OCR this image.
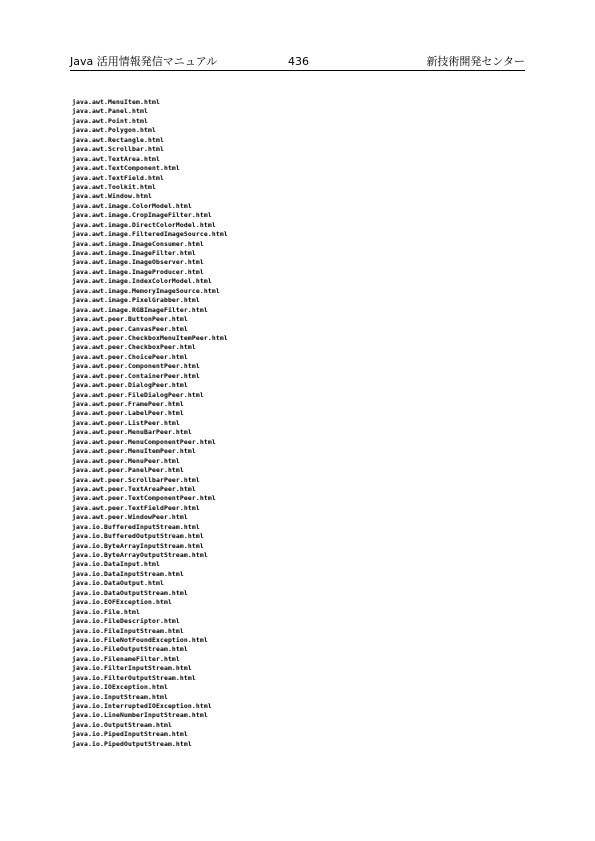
Java 活用情報発信マニュアル	436	新技術開発センター
java.awt.MenuItem.html
java.awt.Panel.html
java.awt.Point.html
java.awt.Polygon.html
java.awt.Rectangle.html
java.awt.Scrollbar.html
java.awt.TextArea.html
java.awt.TextComponent.html
java.awt.TextField.html
java.awt.Toolkit.html
java.awt.Window.html
java.awt.image.ColorModel.html
java.awt.image.CropImageFilter.html
java.awt.image.DirectColorModel.html
java.awt.image.FilteredImageSource.html
java.awt.image.ImageConsumer.html
java.awt.image.ImageFilter.html
java.awt.image.ImageObserver.html
java.awt.image.ImageProducer.html
java.awt.image.IndexColorModel.html
java.awt.image.MemoryImageSource.html
java.awt.image.PixelGrabber.html
java.awt.image.RGBImageFilter.html
java.awt.peer.ButtonPeer.html
java.awt.peer.CanvasPeer.html
java.awt.peer.CheckboxMenuItemPeer.html
java.awt.peer.CheckboxPeer.html
java.awt.peer.ChoicePeer.html
java.awt.peer.ComponentPeer.html
java.awt.peer.ContainerPeer.html
java.awt.peer.DialogPeer.html
java.awt.peer.FileDialogPeer.html
java.awt.peer.FramePeer.html
java.awt.peer.LabelPeer.html
java.awt.peer.ListPeer.html
java.awt.peer.MenuBarPeer.html
java.awt.peer.MenuComponentPeer.html
java.awt.peer.MenuItemPeer.html
java.awt.peer.MenuPeer.html
java.awt.peer.PanelPeer.html
java.awt.peer.ScrollbarPeer.html
java.awt.peer.TextAreaPeer.html
java.awt.peer.TextComponentPeer.html
java.awt.peer.TextFieldPeer.html
java.awt.peer.WindowPeer.html
java.io.BufferedInputStream.html
java.io.BufferedOutputStream.html
java.io.ByteArrayInputStream.html
java.io.ByteArrayOutputStream.html
java.io.DataInput.html
java.io.DataInputStream.html
java.io.DataOutput.html
java.io.DataOutputStream.html
java.io.EOFException.html
java.io.File.html
java.io.FileDescriptor.html
java.io.FileInputStream.html
java.io.FileNotFoundException.html
java.io.FileOutputStream.html
java.io.FilenameFilter.html
java.io.FilterInputStream.html
java.io.FilterOutputStream.html
java.io.IOException.html
java.io.InputStream.html
java.io.InterruptedIOException.html
java.io.LineNumberInputStream.html
java.io.OutputStream.html
java.io.PipedInputStream.html
java.io.PipedOutputStream.html
